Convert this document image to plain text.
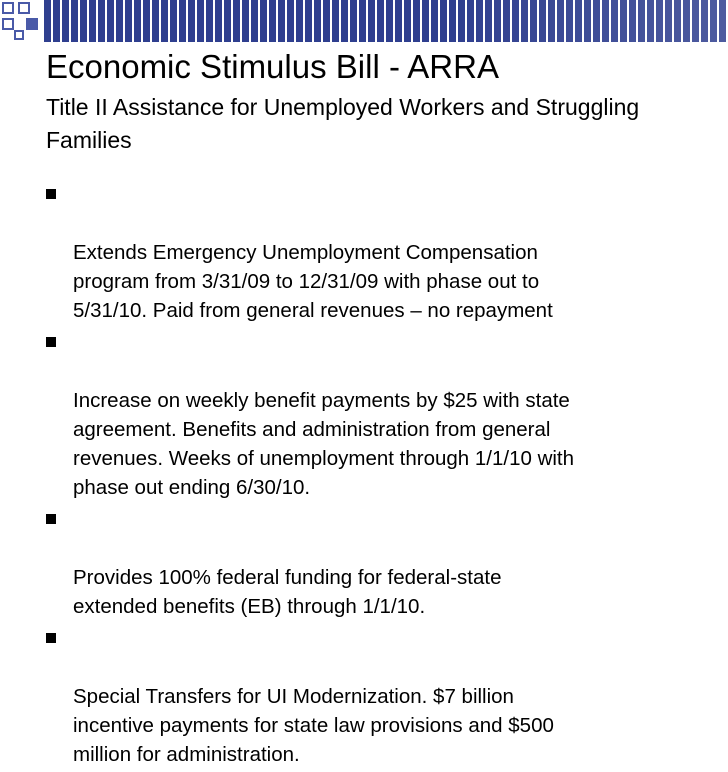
Economic Stimulus Bill - ARRA
Title II Assistance for Unemployed Workers and Struggling Families

Extends Emergency Unemployment Compensation
program from 3/31/09 to 12/31/09 with phase out to
5/31/10. Paid from general revenues – no repayment

Increase on weekly benefit payments by $25 with state
agreement. Benefits and administration from general
revenues. Weeks of unemployment through 1/1/10 with
phase out ending 6/30/10.

Provides 100% federal funding for federal-state
extended benefits (EB) through 1/1/10.

Special Transfers for UI Modernization. $7 billion
incentive payments for state law provisions and $500
million for administration.
